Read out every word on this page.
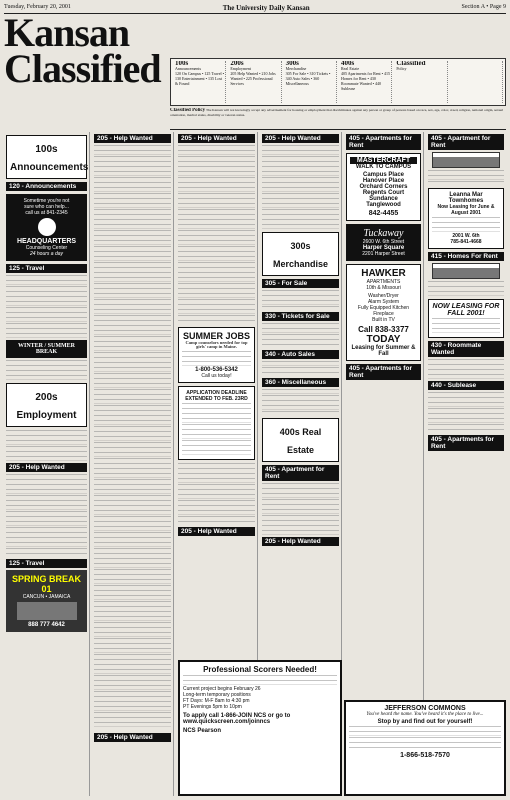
Tuesday, February 20, 2001	The University Daily Kansan	Section A • Page 9
Kansan
Classified	100s
Announcements
120 On Campus • 125 Travel • 130 Entertainment • 135 Lost & Found
200s
Employment
205 Help Wanted • 210 Jobs Wanted • 225 Professional Services
300s
Merchandise
305 For Sale • 310 Tickets • 340 Auto Sales • 360 Miscellaneous
400s
Real Estate
405 Apartments for Rent • 415 Homes for Rent • 430 Roommate Wanted • 440 Sublease
Classified
Policy
Classified Policy The Kansan will not knowingly accept any advertisement for housing or employment that discriminates against any person or group of persons based on race, sex, age, color, creed, religion, national origin, sexual orientation, marital status, disability or veteran status.
100s Announcements
120 - Announcements
Sometime you're not
sure who can help...
call us at 841-2345
HEADQUARTERS
Counseling Center
24 hours a day
125 - Travel
WINTER / SUMMER BREAK
200s Employment
205 - Help Wanted
125 - Travel
SPRING BREAK 01
CANCUN • JAMAICA
888 777 4642
205 - Help Wanted
205 - Help Wanted
205 - Help Wanted
SUMMER JOBS
Camp counselors needed for top girls' camp in Maine.
1-800-536-5342
Call us today!
APPLICATION DEADLINE EXTENDED TO FEB. 23RD
205 - Help Wanted
205 - Help Wanted
300s Merchandise
305 - For Sale
330 - Tickets for Sale
340 - Auto Sales
360 - Miscellaneous
400s Real Estate
405 - Apartment for Rent
205 - Help Wanted
405 - Apartments for Rent
MASTERCRAFT
WALK TO CAMPUS
Campus Place
Hanover Place
Orchard Corners
Regents Court
Sundance
Tanglewood
842-4455
Tuckaway
2600 W. 6th Street
Harper Square
2201 Harper Street
HAWKER
APARTMENTS
10th & Missouri
Washer/Dryer
Alarm System
Fully Equipped Kitchen
Fireplace
Built in TV
Call 838-3377
TODAY
Leasing for Summer & Fall
405 - Apartments for Rent
405 - Apartment for Rent
Leanna Mar Townhomes
Now Leasing for June & August 2001
2001 W. 6th
785-841-4668
415 - Homes For Rent
NOW LEASING FOR FALL 2001!
430 - Roommate Wanted
440 - Sublease
405 - Apartments for Rent
JEFFERSON COMMONS
You've heard the name. You've heard it's the place to live...
Stop by and find out for yourself!
1-866-518-7570
Professional Scorers Needed!
Current project begins February 26
Long-term temporary positions
FT Days: M-F 8am to 4:30 pm
PT Evenings 5pm to 10pm
To apply call 1-866-JOIN NCS or go to www.quickscreen.com/joinncs
NCS Pearson
